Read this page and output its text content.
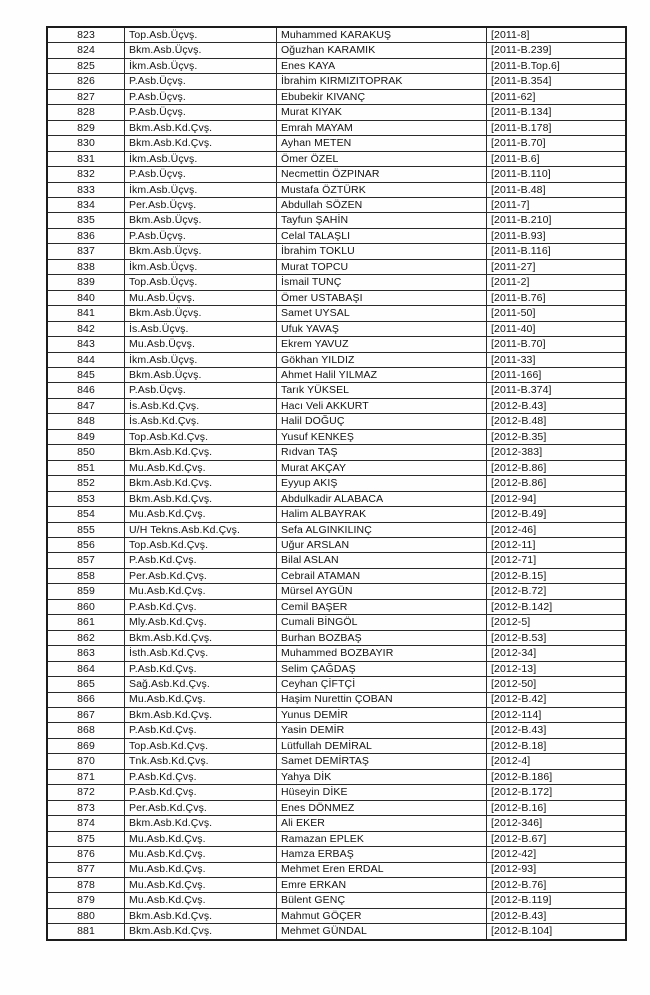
823	Top.Asb.Üçvş.	Muhammed KARAKUŞ	[2011-8]
824	Bkm.Asb.Üçvş.	Oğuzhan KARAMIK	[2011-B.239]
825	İkm.Asb.Üçvş.	Enes KAYA	[2011-B.Top.6]
826	P.Asb.Üçvş.	İbrahim KIRMIZITOPRAK	[2011-B.354]
827	P.Asb.Üçvş.	Ebubekir KIVANÇ	[2011-62]
828	P.Asb.Üçvş.	Murat KIYAK	[2011-B.134]
829	Bkm.Asb.Kd.Çvş.	Emrah MAYAM	[2011-B.178]
830	Bkm.Asb.Kd.Çvş.	Ayhan METEN	[2011-B.70]
831	İkm.Asb.Üçvş.	Ömer ÖZEL	[2011-B.6]
832	P.Asb.Üçvş.	Necmettin ÖZPINAR	[2011-B.110]
833	İkm.Asb.Üçvş.	Mustafa ÖZTÜRK	[2011-B.48]
834	Per.Asb.Üçvş.	Abdullah SÖZEN	[2011-7]
835	Bkm.Asb.Üçvş.	Tayfun ŞAHİN	[2011-B.210]
836	P.Asb.Üçvş.	Celal TALAŞLI	[2011-B.93]
837	Bkm.Asb.Üçvş.	İbrahim TOKLU	[2011-B.116]
838	İkm.Asb.Üçvş.	Murat TOPCU	[2011-27]
839	Top.Asb.Üçvş.	İsmail TUNÇ	[2011-2]
840	Mu.Asb.Üçvş.	Ömer USTABAŞI	[2011-B.76]
841	Bkm.Asb.Üçvş.	Samet UYSAL	[2011-50]
842	İs.Asb.Üçvş.	Ufuk YAVAŞ	[2011-40]
843	Mu.Asb.Üçvş.	Ekrem YAVUZ	[2011-B.70]
844	İkm.Asb.Üçvş.	Gökhan YILDIZ	[2011-33]
845	Bkm.Asb.Üçvş.	Ahmet Halil YILMAZ	[2011-166]
846	P.Asb.Üçvş.	Tarık YÜKSEL	[2011-B.374]
847	İs.Asb.Kd.Çvş.	Hacı Veli AKKURT	[2012-B.43]
848	İs.Asb.Kd.Çvş.	Halil DOĞUÇ	[2012-B.48]
849	Top.Asb.Kd.Çvş.	Yusuf KENKEŞ	[2012-B.35]
850	Bkm.Asb.Kd.Çvş.	Rıdvan TAŞ	[2012-383]
851	Mu.Asb.Kd.Çvş.	Murat AKÇAY	[2012-B.86]
852	Bkm.Asb.Kd.Çvş.	Eyyup AKIŞ	[2012-B.86]
853	Bkm.Asb.Kd.Çvş.	Abdulkadir ALABACA	[2012-94]
854	Mu.Asb.Kd.Çvş.	Halim ALBAYRAK	[2012-B.49]
855	U/H Tekns.Asb.Kd.Çvş.	Sefa ALGINKILINÇ	[2012-46]
856	Top.Asb.Kd.Çvş.	Uğur ARSLAN	[2012-11]
857	P.Asb.Kd.Çvş.	Bilal ASLAN	[2012-71]
858	Per.Asb.Kd.Çvş.	Cebrail ATAMAN	[2012-B.15]
859	Mu.Asb.Kd.Çvş.	Mürsel AYGÜN	[2012-B.72]
860	P.Asb.Kd.Çvş.	Cemil BAŞER	[2012-B.142]
861	Mly.Asb.Kd.Çvş.	Cumali BİNGÖL	[2012-5]
862	Bkm.Asb.Kd.Çvş.	Burhan BOZBAŞ	[2012-B.53]
863	İsth.Asb.Kd.Çvş.	Muhammed BOZBAYIR	[2012-34]
864	P.Asb.Kd.Çvş.	Selim ÇAĞDAŞ	[2012-13]
865	Sağ.Asb.Kd.Çvş.	Ceyhan ÇİFTÇİ	[2012-50]
866	Mu.Asb.Kd.Çvş.	Haşim Nurettin ÇOBAN	[2012-B.42]
867	Bkm.Asb.Kd.Çvş.	Yunus DEMİR	[2012-114]
868	P.Asb.Kd.Çvş.	Yasin DEMİR	[2012-B.43]
869	Top.Asb.Kd.Çvş.	Lütfullah DEMİRAL	[2012-B.18]
870	Tnk.Asb.Kd.Çvş.	Samet DEMİRTAŞ	[2012-4]
871	P.Asb.Kd.Çvş.	Yahya DİK	[2012-B.186]
872	P.Asb.Kd.Çvş.	Hüseyin DİKE	[2012-B.172]
873	Per.Asb.Kd.Çvş.	Enes DÖNMEZ	[2012-B.16]
874	Bkm.Asb.Kd.Çvş.	Ali EKER	[2012-346]
875	Mu.Asb.Kd.Çvş.	Ramazan EPLEK	[2012-B.67]
876	Mu.Asb.Kd.Çvş.	Hamza ERBAŞ	[2012-42]
877	Mu.Asb.Kd.Çvş.	Mehmet Eren ERDAL	[2012-93]
878	Mu.Asb.Kd.Çvş.	Emre ERKAN	[2012-B.76]
879	Mu.Asb.Kd.Çvş.	Bülent GENÇ	[2012-B.119]
880	Bkm.Asb.Kd.Çvş.	Mahmut GÖÇER	[2012-B.43]
881	Bkm.Asb.Kd.Çvş.	Mehmet GÜNDAL	[2012-B.104]
